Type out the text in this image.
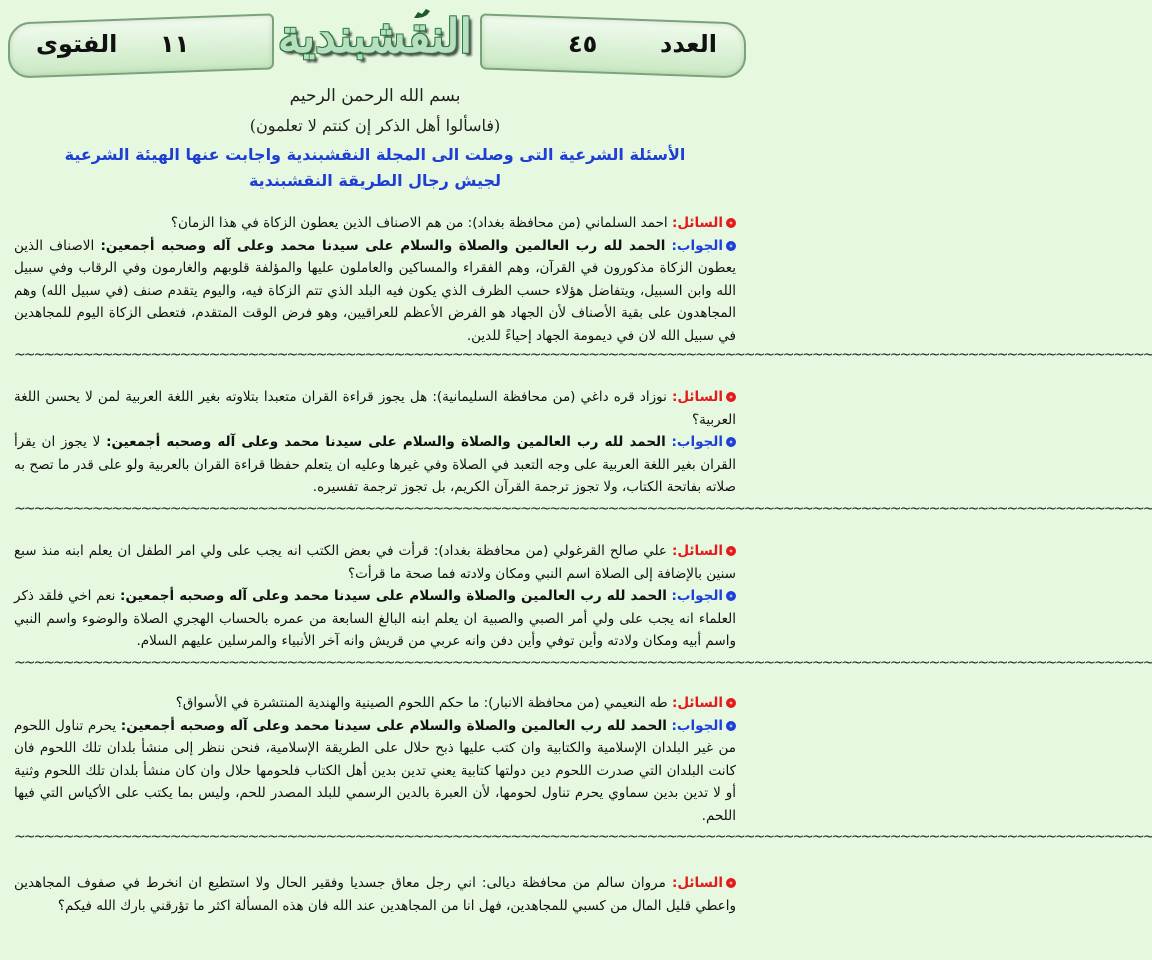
الفتوى ١١	٤٥	العدد
النقشبندية
بسم الله الرحمن الرحيم
(فاسألوا أهل الذكر إن كنتم لا تعلمون)
الأسئلة الشرعية التى وصلت الى المجلة النقشبندية واجابت عنها الهيئة الشرعية
لجيش رجال الطريقة النقشبندية

السائل: احمد السلماني (من محافظة بغداد): من هم الاصناف الذين يعطون الزكاة في هذا الزمان؟

الجواب: الحمد لله رب العالمين والصلاة والسلام على سيدنا محمد وعلى آله وصحبه أجمعين: الاصناف الذين يعطون الزكاة مذكورون في القرآن، وهم الفقراء والمساكين والعاملون عليها والمؤلفة قلوبهم والغارمون وفي الرقاب وفي سبيل الله وابن السبيل، ويتفاضل هؤلاء حسب الظرف الذي يكون فيه البلد الذي تتم الزكاة فيه، واليوم يتقدم صنف (في سبيل الله) وهم المجاهدون على بقية الأصناف لأن الجهاد هو الفرض الأعظم للعراقيين، وهو فرض الوقت المتقدم، فتعطى الزكاة اليوم للمجاهدين في سبيل الله لان في ديمومة الجهاد إحياءً للدين.

~~~~~~~~~~~~~~~~~~~~~~~~~~~~~~~~~~~~~~~~~~~~~~~~~~~~~~~~~~~~~~~~~~~~~~~~~~~~~~~~~~~~~~~~~~~~~~~~~~~~~~~~~~~~~~~~~~~~~

السائل: نوزاد قره داغي (من محافظة السليمانية): هل يجوز قراءة القران متعبدا بتلاوته بغير اللغة العربية لمن لا يحسن اللغة العربية؟

الجواب: الحمد لله رب العالمين والصلاة والسلام على سيدنا محمد وعلى آله وصحبه أجمعين: لا يجوز ان يقرأ القران بغير اللغة العربية على وجه التعبد في الصلاة وفي غيرها وعليه ان يتعلم حفظا قراءة القران بالعربية ولو على قدر ما تصح به صلاته بفاتحة الكتاب، ولا تجوز ترجمة القرآن الكريم، بل تجوز ترجمة تفسيره.

~~~~~~~~~~~~~~~~~~~~~~~~~~~~~~~~~~~~~~~~~~~~~~~~~~~~~~~~~~~~~~~~~~~~~~~~~~~~~~~~~~~~~~~~~~~~~~~~~~~~~~~~~~~~~~~~~~~~~

السائل: علي صالح القرغولي (من محافظة بغداد): قرأت في بعض الكتب انه يجب على ولي امر الطفل ان يعلم ابنه منذ سبع سنين بالإضافة إلى الصلاة اسم النبي ومكان ولادته فما صحة ما قرأت؟

الجواب: الحمد لله رب العالمين والصلاة والسلام على سيدنا محمد وعلى آله وصحبه أجمعين: نعم اخي فلقد ذكر العلماء انه يجب على ولي أمر الصبي والصبية ان يعلم ابنه البالغ السابعة من عمره بالحساب الهجري الصلاة والوضوء واسم النبي واسم أبيه ومكان ولادته وأين توفي وأين دفن وانه عربي من قريش وانه آخر الأنبياء والمرسلين عليهم السلام.

~~~~~~~~~~~~~~~~~~~~~~~~~~~~~~~~~~~~~~~~~~~~~~~~~~~~~~~~~~~~~~~~~~~~~~~~~~~~~~~~~~~~~~~~~~~~~~~~~~~~~~~~~~~~~~~~~~~~~

السائل: طه النعيمي (من محافظة الانبار): ما حكم اللحوم الصينية والهندية المنتشرة في الأسواق؟

الجواب: الحمد لله رب العالمين والصلاة والسلام على سيدنا محمد وعلى آله وصحبه أجمعين: يحرم تناول اللحوم من غير البلدان الإسلامية والكتابية وان كتب عليها ذبح حلال على الطريقة الإسلامية، فنحن ننظر إلى منشأ بلدان تلك اللحوم فان كانت البلدان التي صدرت اللحوم دين دولتها كتابية يعني تدين بدين أهل الكتاب فلحومها حلال وان كان منشأ بلدان تلك اللحوم وثنية أو لا تدين بدين سماوي يحرم تناول لحومها، لأن العبرة بالدين الرسمي للبلد المصدر للحم، وليس بما يكتب على الأكياس التي فيها اللحم.

~~~~~~~~~~~~~~~~~~~~~~~~~~~~~~~~~~~~~~~~~~~~~~~~~~~~~~~~~~~~~~~~~~~~~~~~~~~~~~~~~~~~~~~~~~~~~~~~~~~~~~~~~~~~~~~~~~~~~

السائل: مروان سالم من محافظة ديالى: اني رجل معاق جسديا وفقير الحال ولا استطيع ان انخرط في صفوف المجاهدين واعطي قليل المال من كسبي للمجاهدين، فهل انا من المجاهدين عند الله فان هذه المسألة اكثر ما تؤرقني بارك الله فيكم؟
